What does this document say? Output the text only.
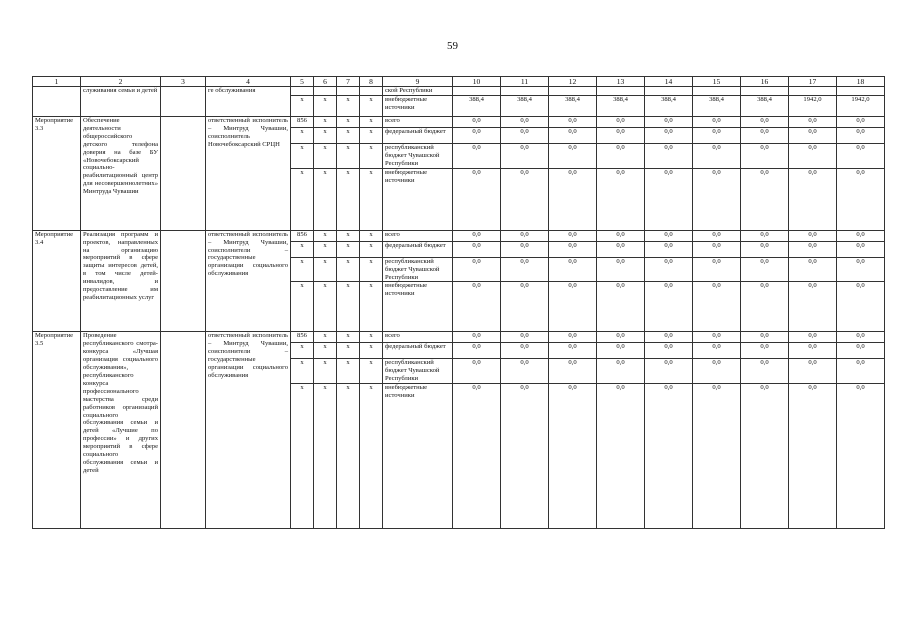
59
1	2	3	4	5	6	7	8	9	10	11	12	13	14	15	16	17	18
	служивания семьи и детей		ге обслуживания					ской Республики									
				x	x	x	x	внебюджетные источники	388,4	388,4	388,4	388,4	388,4	388,4	388,4	1942,0	1942,0
Мероприятие 3.3	Обеспечение деятельности общероссийского детского телефона доверия на базе БУ «Новочебоксарский социально-реабилитационный центр для несовершеннолетних» Минтруда Чувашии		ответственный исполнитель – Минтруд Чувашии, соисполнитель Новочебоксарский СРЦН	856	x	x	x	всего	0,0	0,0	0,0	0,0	0,0	0,0	0,0	0,0	0,0
				x	x	x	x	федеральный бюджет	0,0	0,0	0,0	0,0	0,0	0,0	0,0	0,0	0,0
				x	x	x	x	республиканский бюджет Чувашской Республики	0,0	0,0	0,0	0,0	0,0	0,0	0,0	0,0	0,0
				x	x	x	x	внебюджетные источники	0,0	0,0	0,0	0,0	0,0	0,0	0,0	0,0	0,0
Мероприятие 3.4	Реализация программ и проектов, направленных на организацию мероприятий в сфере защиты интересов детей, в том числе детей-инвалидов, и предоставление им реабилитационных услуг		ответственный исполнитель – Минтруд Чувашии, соисполнители – государственные организации социального обслуживания	856	x	x	x	всего	0,0	0,0	0,0	0,0	0,0	0,0	0,0	0,0	0,0
				x	x	x	x	федеральный бюджет	0,0	0,0	0,0	0,0	0,0	0,0	0,0	0,0	0,0
				x	x	x	x	республиканский бюджет Чувашской Республики	0,0	0,0	0,0	0,0	0,0	0,0	0,0	0,0	0,0
				x	x	x	x	внебюджетные источники	0,0	0,0	0,0	0,0	0,0	0,0	0,0	0,0	0,0
Мероприятие 3.5	Проведение республиканского смотра-конкурса «Лучшая организация социального обслуживания», республиканского конкурса профессионального мастерства среди работников организаций социального обслуживания семьи и детей «Лучшие по профессии» и других мероприятий в сфере социального обслуживания семьи и детей		ответственный исполнитель – Минтруд Чувашии, соисполнители – государственные организации социального обслуживания	856	x	x	x	всего	0,0	0,0	0,0	0,0	0,0	0,0	0,0	0,0	0,0
				x	x	x	x	федеральный бюджет	0,0	0,0	0,0	0,0	0,0	0,0	0,0	0,0	0,0
				x	x	x	x	республиканский бюджет Чувашской Республики	0,0	0,0	0,0	0,0	0,0	0,0	0,0	0,0	0,0
				x	x	x	x	внебюджетные источники	0,0	0,0	0,0	0,0	0,0	0,0	0,0	0,0	0,0
